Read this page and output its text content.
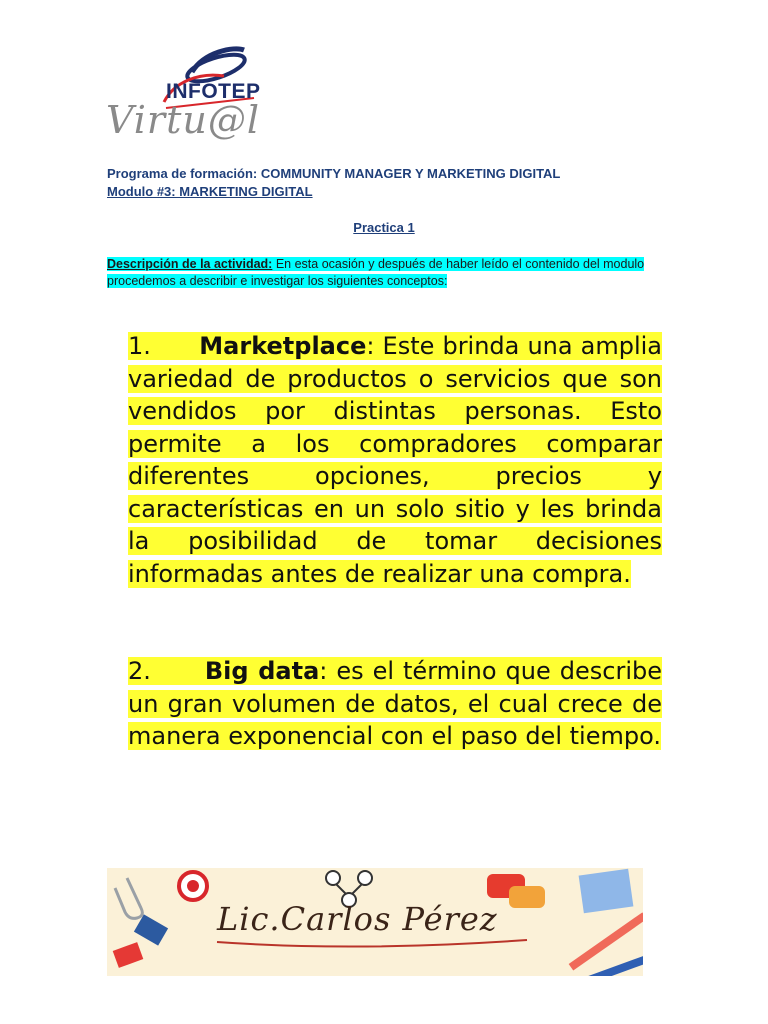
INFOTEP
Virtu@l
Programa de formación: COMMUNITY MANAGER Y MARKETING DIGITAL
Modulo #3: MARKETING DIGITAL
Practica 1
Descripción de la actividad: En esta ocasión y después de haber leído el contenido del modulo procedemos a describir e investigar los siguientes conceptos:

1. Marketplace: Este brinda una amplia variedad de productos o servicios que son vendidos por distintas personas. Esto permite a los compradores comparar diferentes opciones, precios y características en un solo sitio y les brinda la posibilidad de tomar decisiones informadas antes de realizar una compra.

2. Big data: es el término que describe un gran volumen de datos, el cual crece de manera exponencial con el paso del tiempo.

Lic.Carlos Pérez
